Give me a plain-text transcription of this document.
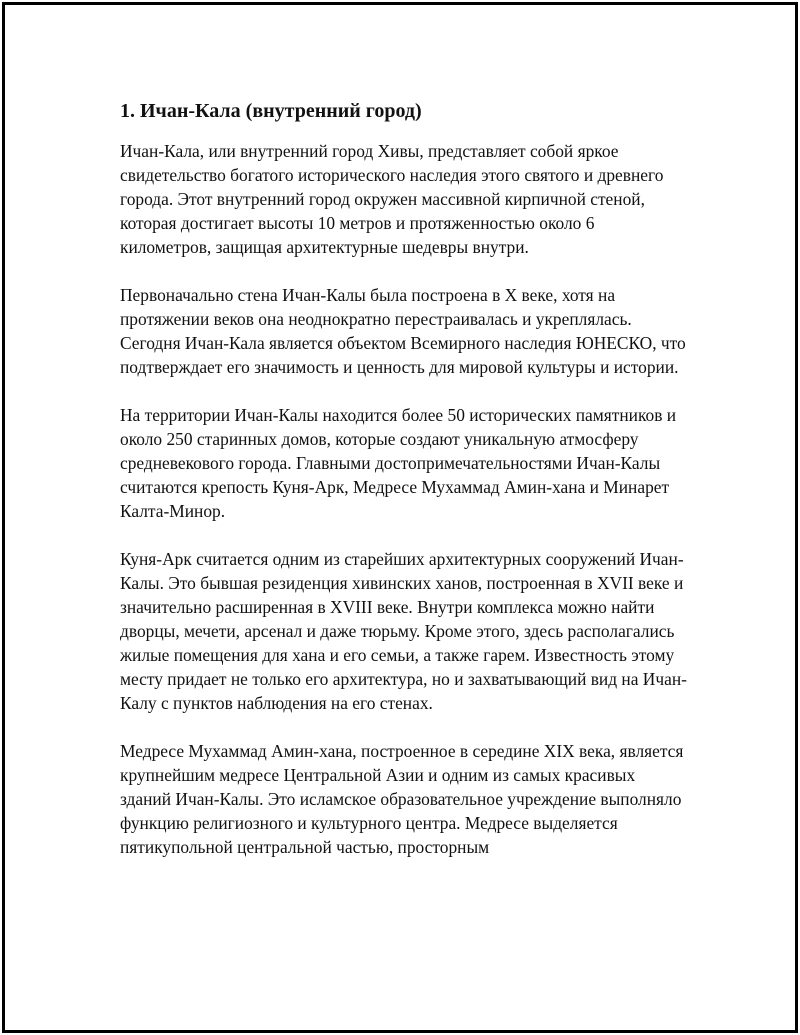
1. Ичан-Кала (внутренний город)

Ичан-Кала, или внутренний город Хивы, представляет собой яркое свидетельство богатого исторического наследия этого святого и древнего города. Этот внутренний город окружен массивной кирпичной стеной, которая достигает высоты 10 метров и протяженностью около 6 километров, защищая архитектурные шедевры внутри.

Первоначально стена Ичан-Калы была построена в X веке, хотя на протяжении веков она неоднократно перестраивалась и укреплялась. Сегодня Ичан-Кала является объектом Всемирного наследия ЮНЕСКО, что подтверждает его значимость и ценность для мировой культуры и истории.

На территории Ичан-Калы находится более 50 исторических памятников и около 250 старинных домов, которые создают уникальную атмосферу средневекового города. Главными достопримечательностями Ичан-Калы считаются крепость Куня-Арк, Медресе Мухаммад Амин-хана и Минарет Калта-Минор.

Куня-Арк считается одним из старейших архитектурных сооружений Ичан-Калы. Это бывшая резиденция хивинских ханов, построенная в XVII веке и значительно расширенная в XVIII веке. Внутри комплекса можно найти дворцы, мечети, арсенал и даже тюрьму. Кроме этого, здесь располагались жилые помещения для хана и его семьи, а также гарем. Известность этому месту придает не только его архитектура, но и захватывающий вид на Ичан-Калу с пунктов наблюдения на его стенах.

Медресе Мухаммад Амин-хана, построенное в середине XIX века, является крупнейшим медресе Центральной Азии и одним из самых красивых зданий Ичан-Калы. Это исламское образовательное учреждение выполняло функцию религиозного и культурного центра. Медресе выделяется пятикупольной центральной частью, просторным
